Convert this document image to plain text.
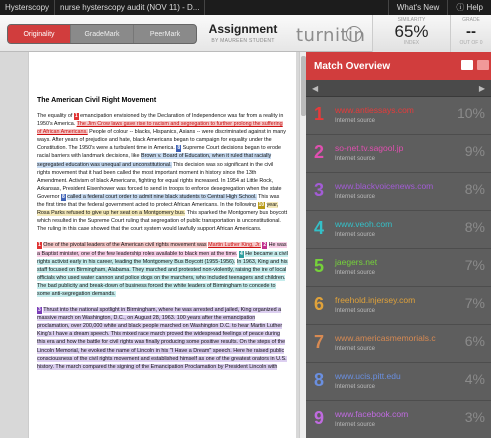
Hysterscopy	nurse hysterscopy audit (NOV 11) - D...	What's New	ⓘ Help
Originality	GradeMark	PeerMark	Assignment
BY MAUREEN STUDENT turnitin
SIMILARITY
65%
INDEX
GRADE
--
OUT OF 0
The American Civil Right Movement

The equality of 1 emancipation envisioned by the Declaration of Independence was far from a reality in 1950's America. The Jim Crow laws gave rise to racism and segregation to further prolong the suffering of African Americans. People of colour -- blacks, Hispanics, Asians -- were discriminated against in many ways. After years of prejudice and hate, black Americans began to campaign for equality under the Constitution. The 1950's were a turbulent time in America. 8 Supreme Court decisions began to erode racial barriers with landmark decisions, like Brown v. Board of Education, when it ruled that racially segregated education was unequal and unconstitutional. This decision was so significant in the civil rights movement that it had been called the most important moment in history since the 13th Amendment. Activism of black Americans, fighting for equal rights increased. In 1954 at Little Rock, Arkansas, President Eisenhower was forced to send in troops to enforce desegregation when the state Governor 8 called a federal court order to admit nine black students to Central High School. This was the first time that the federal government acted to protect African Americans. In the following 10 year, Rosa Parks refused to give up her seat on a Montgomery bus. This sparked the Montgomery bus boycott which resulted in the Supreme Court ruling that segregation of public transportation is unconstitutional. The ruling in this case showed that the court system would lawfully support African Americans.

1 One of the pivotal leaders of the American civil rights movement was Martin Luther King, Jr. 2 He was a Baptist minister, one of the few leadership roles available to black men at the time. 4 He became a civil rights activist early in his career, leading the Montgomery Bus Boycott (1955-1956). In 1963, King and his staff focused on Birmingham, Alabama. They marched and protested non-violently, raising the ire of local officials who used water cannon and police dogs on the marchers, who included teenagers and children. The bad publicity and break-down of business forced the white leaders of Birmingham to concede to some anti-segregation demands.

3 Thrust into the national spotlight in Birmingham, where he was arrested and jailed, King organized a massive march on Washington, D.C., on August 28, 1963. 100 years after the emancipation proclamation, over 200,000 white and black people marched on Washington D.C. to hear Martin Luther King's I have a dream speech. This mixed race march proved the widespread feelings of peace during this era and how the battle for civil rights was finally producing some positive results. On the steps of the Lincoln Memorial, he evoked the name of Lincoln in his "I Have a Dream" speech. Here he raised public consciousness of the civil rights movement and established himself as one of the greatest orators in U.S. history. The march compared the signing of the Emancipation Proclamation by President Lincoln with

Match Overview
◀	▶
1 www.antiessays.com
Internet source	10%
2 so-net.tv.sagool.jp
Internet source	9%
3 www.blackvoicenews.com
Internet source	8%
4 www.veoh.com
Internet source	8%
5 jaegers.net
Internet source	7%
6 freehold.injersey.com
Internet source	7%
7 www.americasmemorials.c
Internet source	6%
8 www.ucis.pitt.edu
Internet source	4%
9 www.facebook.com
Internet source	3%
